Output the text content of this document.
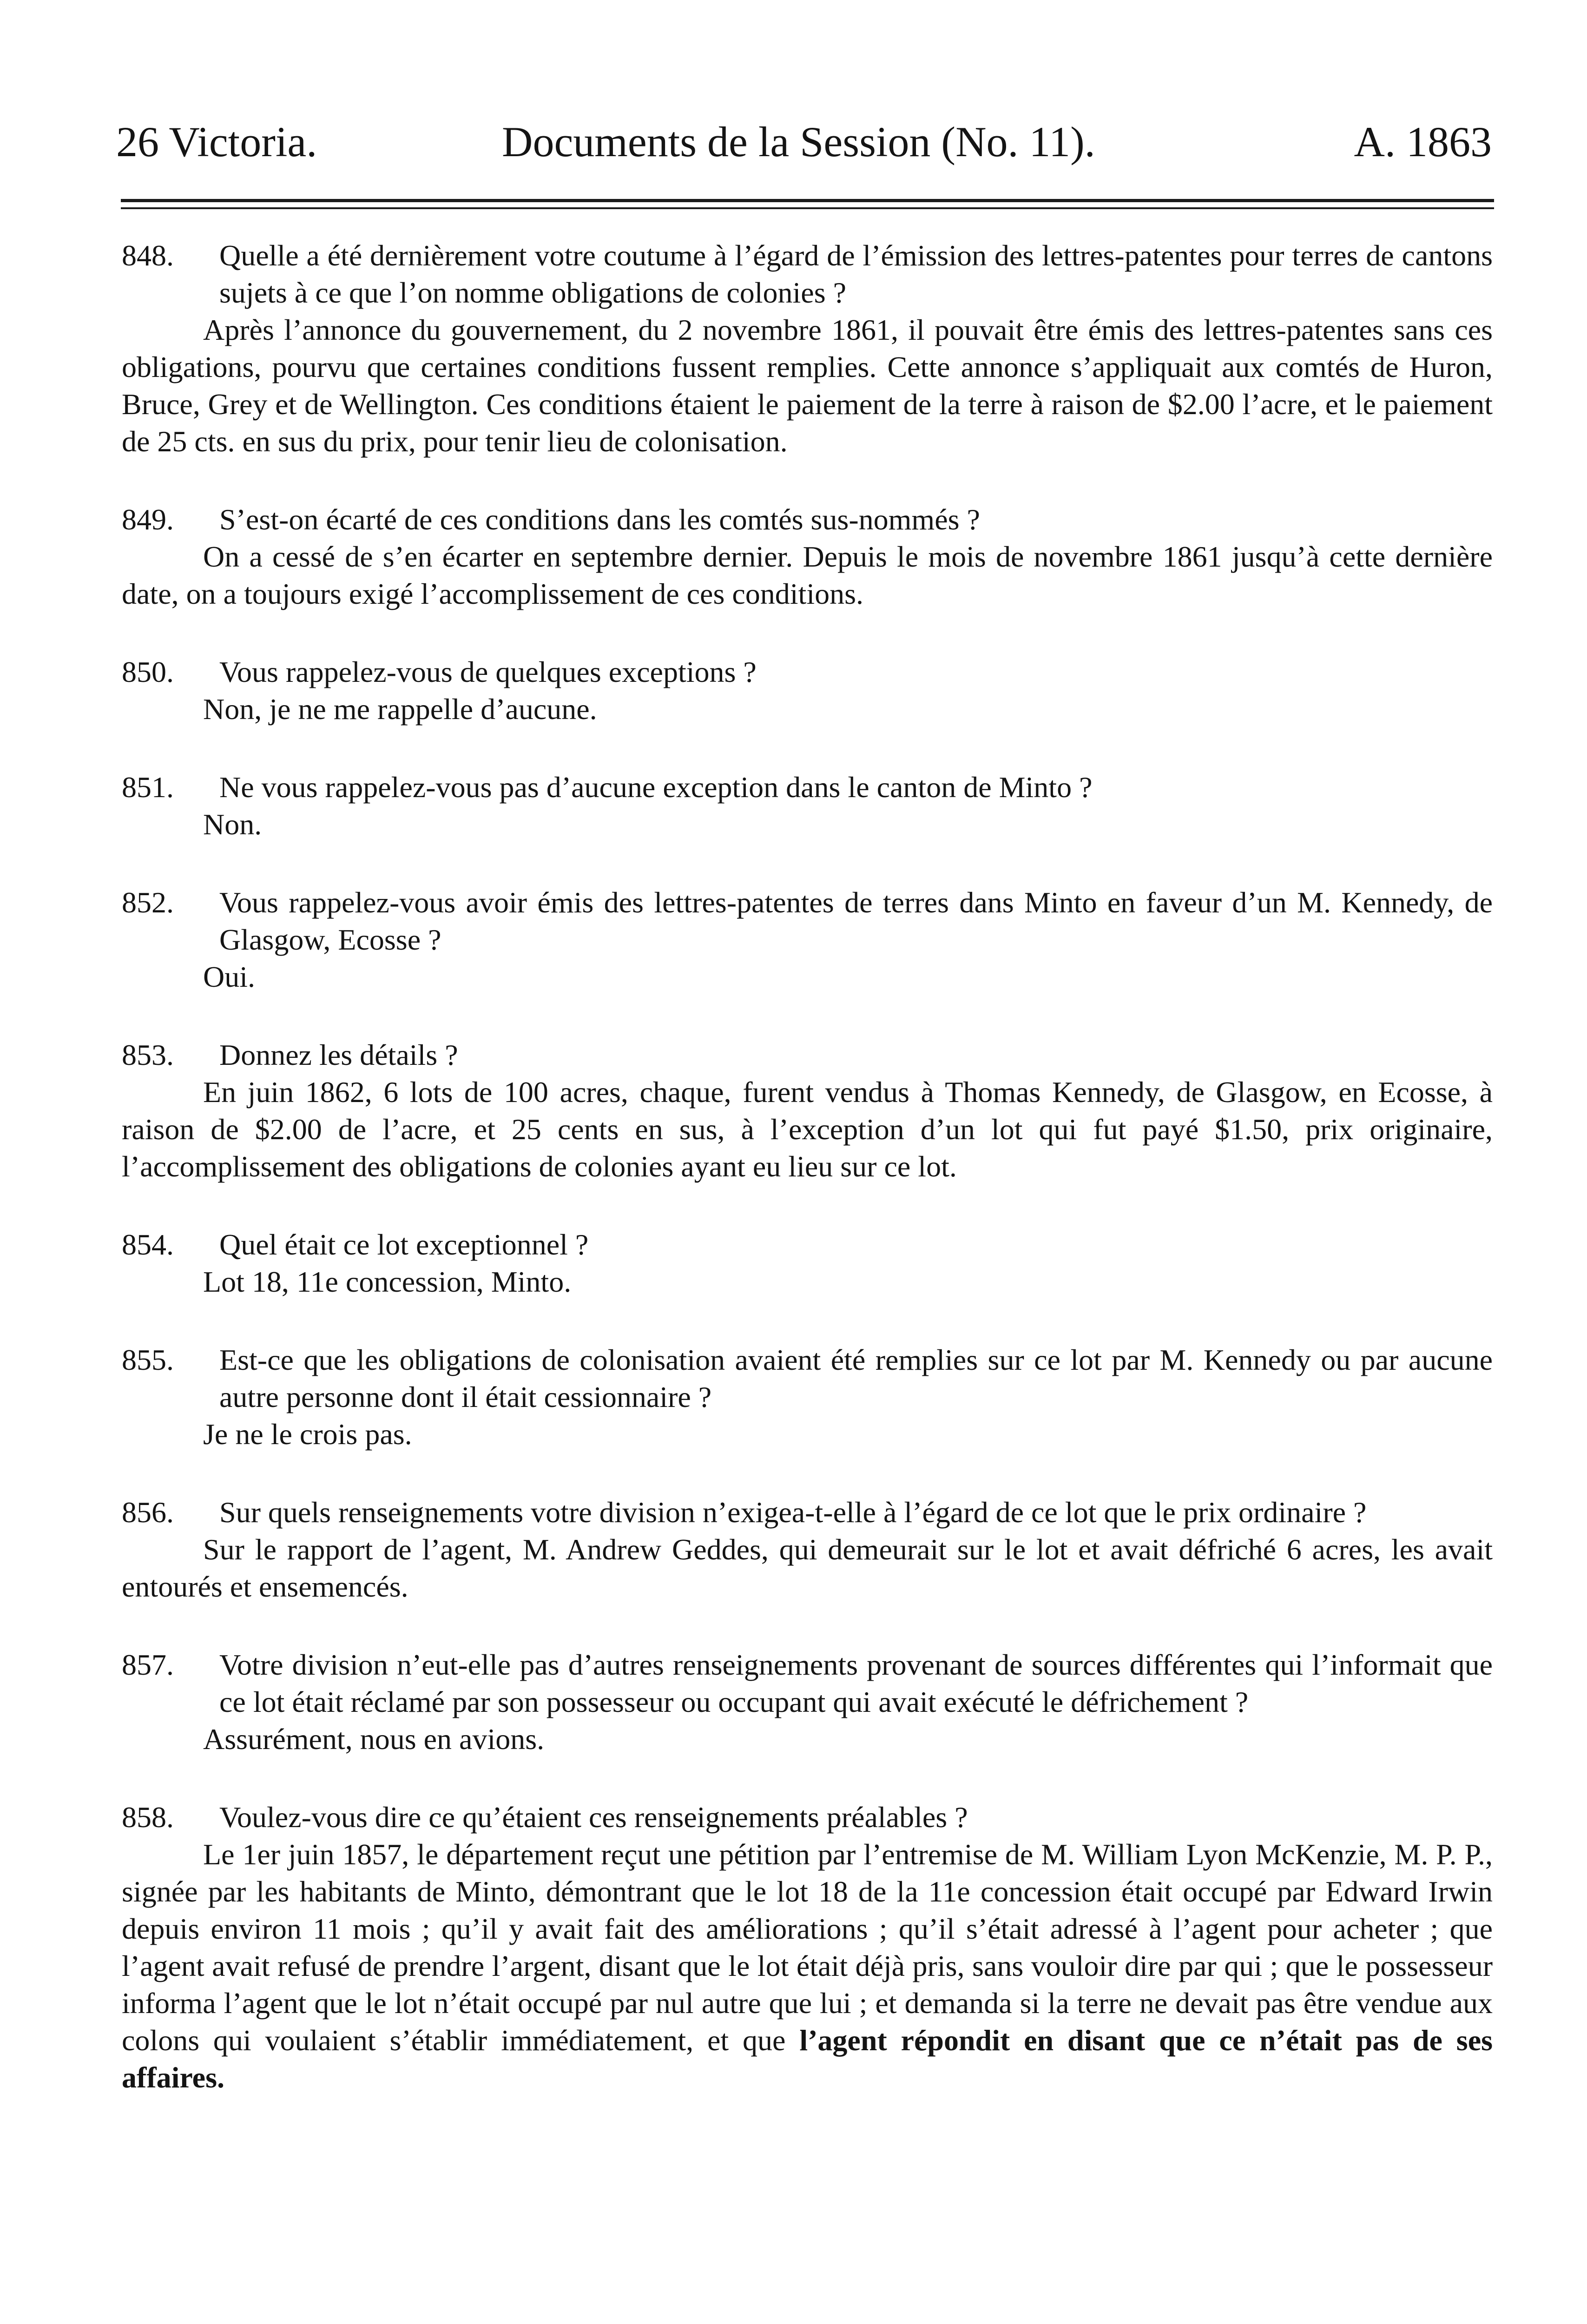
26 Victoria.	Documents de la Session (No. 11).	A. 1863

848. Quelle a été dernièrement votre coutume à l’égard de l’émission des lettres-patentes pour terres de cantons sujets à ce que l’on nomme obligations de colonies ?

Après l’annonce du gouvernement, du 2 novembre 1861, il pouvait être émis des lettres-patentes sans ces obligations, pourvu que certaines conditions fussent remplies. Cette annonce s’appliquait aux comtés de Huron, Bruce, Grey et de Wellington. Ces conditions étaient le paiement de la terre à raison de $2.00 l’acre, et le paiement de 25 cts. en sus du prix, pour tenir lieu de colonisation.

849. S’est-on écarté de ces conditions dans les comtés sus-nommés ?

On a cessé de s’en écarter en septembre dernier. Depuis le mois de novembre 1861 jusqu’à cette dernière date, on a toujours exigé l’accomplissement de ces conditions.

850. Vous rappelez-vous de quelques exceptions ?

Non, je ne me rappelle d’aucune.

851. Ne vous rappelez-vous pas d’aucune exception dans le canton de Minto ?

Non.

852. Vous rappelez-vous avoir émis des lettres-patentes de terres dans Minto en faveur d’un M. Kennedy, de Glasgow, Ecosse ?

Oui.

853. Donnez les détails ?

En juin 1862, 6 lots de 100 acres, chaque, furent vendus à Thomas Kennedy, de Glasgow, en Ecosse, à raison de $2.00 de l’acre, et 25 cents en sus, à l’exception d’un lot qui fut payé $1.50, prix originaire, l’accomplissement des obligations de colonies ayant eu lieu sur ce lot.

854. Quel était ce lot exceptionnel ?

Lot 18, 11e concession, Minto.

855. Est-ce que les obligations de colonisation avaient été remplies sur ce lot par M. Kennedy ou par aucune autre personne dont il était cessionnaire ?

Je ne le crois pas.

856. Sur quels renseignements votre division n’exigea-t-elle à l’égard de ce lot que le prix ordinaire ?

Sur le rapport de l’agent, M. Andrew Geddes, qui demeurait sur le lot et avait défriché 6 acres, les avait entourés et ensemencés.

857. Votre division n’eut-elle pas d’autres renseignements provenant de sources différentes qui l’informait que ce lot était réclamé par son possesseur ou occupant qui avait exécuté le défrichement ?

Assurément, nous en avions.

858. Voulez-vous dire ce qu’étaient ces renseignements préalables ?

Le 1er juin 1857, le département reçut une pétition par l’entremise de M. William Lyon McKenzie, M. P. P., signée par les habitants de Minto, démontrant que le lot 18 de la 11e concession était occupé par Edward Irwin depuis environ 11 mois ; qu’il y avait fait des améliorations ; qu’il s’était adressé à l’agent pour acheter ; que l’agent avait refusé de prendre l’argent, disant que le lot était déjà pris, sans vouloir dire par qui ; que le possesseur informa l’agent que le lot n’était occupé par nul autre que lui ; et demanda si la terre ne devait pas être vendue aux colons qui voulaient s’établir immédiatement, et que l’agent répondit en disant que ce n’était pas de ses affaires.
